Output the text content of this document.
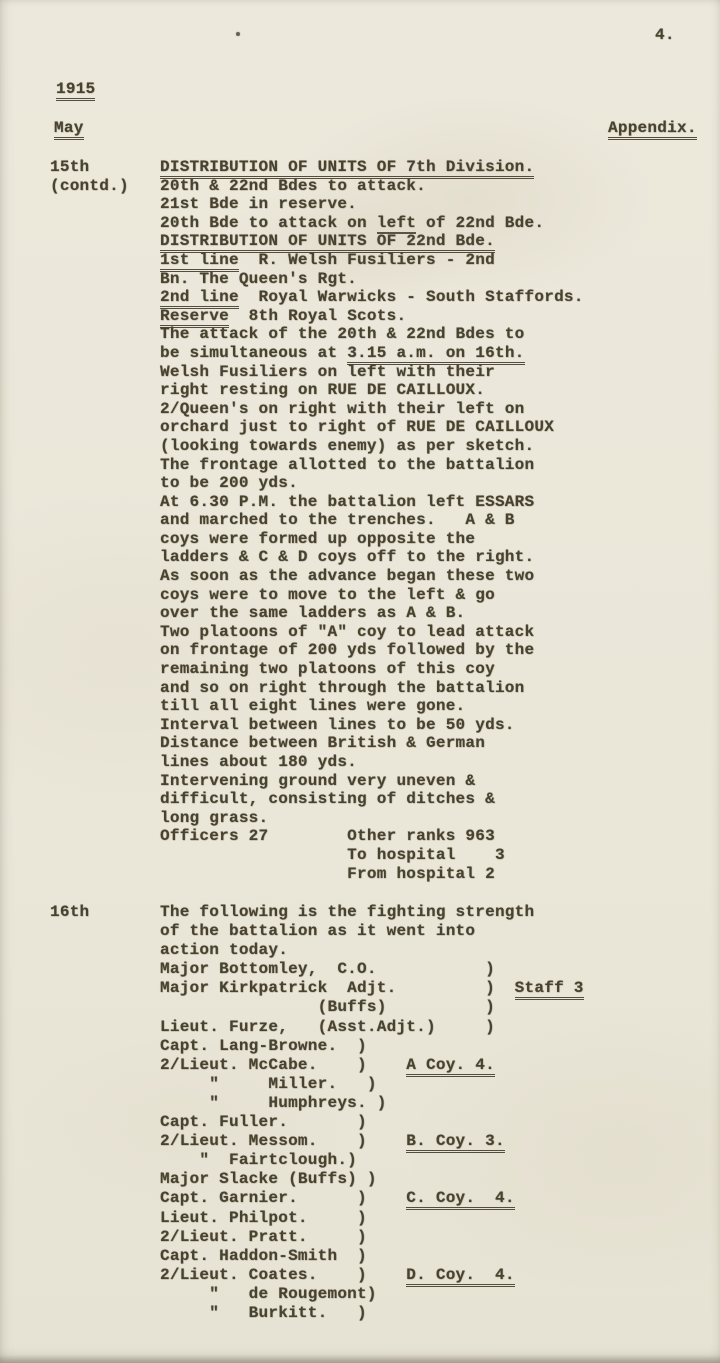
4.
1915
May	Appendix.
15th
(contd.)
DISTRIBUTION OF UNITS OF 7th Division.
20th & 22nd Bdes to attack.
21st Bde in reserve.
20th Bde to attack on left of 22nd Bde.
DISTRIBUTION OF UNITS OF 22nd Bde.
1st line  R. Welsh Fusiliers - 2nd
Bn. The Queen's Rgt.
2nd line  Royal Warwicks - South Staffords.
Reserve  8th Royal Scots.
The attack of the 20th & 22nd Bdes to
be simultaneous at 3.15 a.m. on 16th.
Welsh Fusiliers on left with their
right resting on RUE DE CAILLOUX.
2/Queen's on right with their left on
orchard just to right of RUE DE CAILLOUX
(looking towards enemy) as per sketch.
The frontage allotted to the battalion
to be 200 yds.
At 6.30 P.M. the battalion left ESSARS
and marched to the trenches.   A & B
coys were formed up opposite the
ladders & C & D coys off to the right.
As soon as the advance began these two
coys were to move to the left & go
over the same ladders as A & B.
Two platoons of "A" coy to lead attack
on frontage of 200 yds followed by the
remaining two platoons of this coy
and so on right through the battalion
till all eight lines were gone.
Interval between lines to be 50 yds.
Distance between British & German
lines about 180 yds.
Intervening ground very uneven &
difficult, consisting of ditches &
long grass.
Officers 27        Other ranks 963
To hospital    3
From hospital 2
16th	The following is the fighting strength
of the battalion as it went into
action today.
Major Bottomley,  C.O.           )
Major Kirkpatrick  Adjt.         )  Staff 3
(Buffs)          )
Lieut. Furze,   (Asst.Adjt.)     )
Capt. Lang-Browne.  )
2/Lieut. McCabe.    )    A Coy. 4.
"     Miller.   )
"     Humphreys. )
Capt. Fuller.       )
2/Lieut. Messom.    )    B. Coy. 3.
"  Fairtclough.)
Major Slacke (Buffs) )
Capt. Garnier.      )    C. Coy.  4.
Lieut. Philpot.     )
2/Lieut. Pratt.     )
Capt. Haddon-Smith  )
2/Lieut. Coates.    )    D. Coy.  4.
"   de Rougemont)
"   Burkitt.   )
